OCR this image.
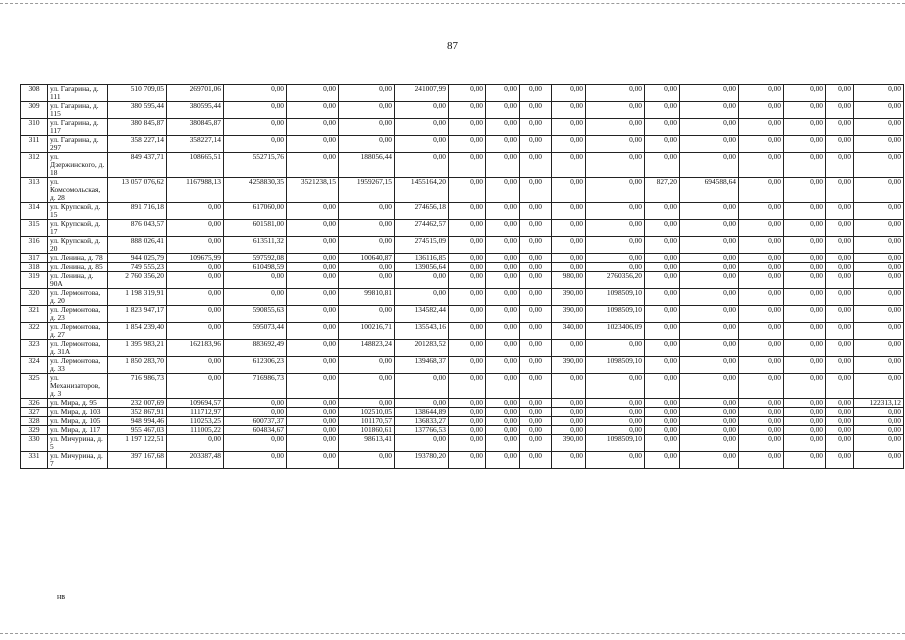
87
308	ул. Гагарина, д. 111	510 709,05	269701,06	0,00	0,00	0,00	241007,99	0,00	0,00	0,00	0,00	0,00	0,00	0,00	0,00	0,00	0,00	0,00
309	ул. Гагарина, д. 115	380 595,44	380595,44	0,00	0,00	0,00	0,00	0,00	0,00	0,00	0,00	0,00	0,00	0,00	0,00	0,00	0,00	0,00
310	ул. Гагарина, д. 117	380 845,87	380845,87	0,00	0,00	0,00	0,00	0,00	0,00	0,00	0,00	0,00	0,00	0,00	0,00	0,00	0,00	0,00
311	ул. Гагарина, д. 297	358 227,14	358227,14	0,00	0,00	0,00	0,00	0,00	0,00	0,00	0,00	0,00	0,00	0,00	0,00	0,00	0,00	0,00
312	ул. Дзержинского, д. 18	849 437,71	108665,51	552715,76	0,00	188056,44	0,00	0,00	0,00	0,00	0,00	0,00	0,00	0,00	0,00	0,00	0,00	0,00
313	ул. Комсомольская, д. 28	13 057 076,62	1167988,13	4258830,35	3521238,15	1959267,15	1455164,20	0,00	0,00	0,00	0,00	0,00	827,20	694588,64	0,00	0,00	0,00	0,00
314	ул. Крупской, д. 15	891 716,18	0,00	617060,00	0,00	0,00	274656,18	0,00	0,00	0,00	0,00	0,00	0,00	0,00	0,00	0,00	0,00	0,00
315	ул. Крупской, д. 17	876 043,57	0,00	601581,00	0,00	0,00	274462,57	0,00	0,00	0,00	0,00	0,00	0,00	0,00	0,00	0,00	0,00	0,00
316	ул. Крупской, д. 20	888 026,41	0,00	613511,32	0,00	0,00	274515,09	0,00	0,00	0,00	0,00	0,00	0,00	0,00	0,00	0,00	0,00	0,00
317	ул. Ленина, д. 78	944 025,79	109675,99	597592,08	0,00	100640,87	136116,85	0,00	0,00	0,00	0,00	0,00	0,00	0,00	0,00	0,00	0,00	0,00
318	ул. Ленина, д. 85	749 555,23	0,00	610498,59	0,00	0,00	139056,64	0,00	0,00	0,00	0,00	0,00	0,00	0,00	0,00	0,00	0,00	0,00
319	ул. Ленина, д. 90А	2 760 356,20	0,00	0,00	0,00	0,00	0,00	0,00	0,00	0,00	980,00	2760356,20	0,00	0,00	0,00	0,00	0,00	0,00
320	ул. Лермонтова, д. 20	1 198 319,91	0,00	0,00	0,00	99810,81	0,00	0,00	0,00	0,00	390,00	1098509,10	0,00	0,00	0,00	0,00	0,00	0,00
321	ул. Лермонтова, д. 23	1 823 947,17	0,00	590855,63	0,00	0,00	134582,44	0,00	0,00	0,00	390,00	1098509,10	0,00	0,00	0,00	0,00	0,00	0,00
322	ул. Лермонтова, д. 27	1 854 239,40	0,00	595073,44	0,00	100216,71	135543,16	0,00	0,00	0,00	340,00	1023406,09	0,00	0,00	0,00	0,00	0,00	0,00
323	ул. Лермонтова, д. 31А	1 395 983,21	162183,96	883692,49	0,00	148823,24	201283,52	0,00	0,00	0,00	0,00	0,00	0,00	0,00	0,00	0,00	0,00	0,00
324	ул. Лермонтова, д. 33	1 850 283,70	0,00	612306,23	0,00	0,00	139468,37	0,00	0,00	0,00	390,00	1098509,10	0,00	0,00	0,00	0,00	0,00	0,00
325	ул. Механизаторов, д. 3	716 986,73	0,00	716986,73	0,00	0,00	0,00	0,00	0,00	0,00	0,00	0,00	0,00	0,00	0,00	0,00	0,00	0,00
326	ул. Мира, д. 95	232 007,69	109694,57	0,00	0,00	0,00	0,00	0,00	0,00	0,00	0,00	0,00	0,00	0,00	0,00	0,00	0,00	122313,12
327	ул. Мира, д. 103	352 867,91	111712,97	0,00	0,00	102510,05	138644,89	0,00	0,00	0,00	0,00	0,00	0,00	0,00	0,00	0,00	0,00	0,00
328	ул. Мира, д. 105	948 994,46	110253,25	600737,37	0,00	101170,57	136833,27	0,00	0,00	0,00	0,00	0,00	0,00	0,00	0,00	0,00	0,00	0,00
329	ул. Мира, д. 117	955 467,03	111005,22	604834,67	0,00	101860,61	137766,53	0,00	0,00	0,00	0,00	0,00	0,00	0,00	0,00	0,00	0,00	0,00
330	ул. Мичурина, д. 5	1 197 122,51	0,00	0,00	0,00	98613,41	0,00	0,00	0,00	0,00	390,00	1098509,10	0,00	0,00	0,00	0,00	0,00	0,00
331	ул. Мичурина, д. 7	397 167,68	203387,48	0,00	0,00	0,00	193780,20	0,00	0,00	0,00	0,00	0,00	0,00	0,00	0,00	0,00	0,00	0,00
нв
